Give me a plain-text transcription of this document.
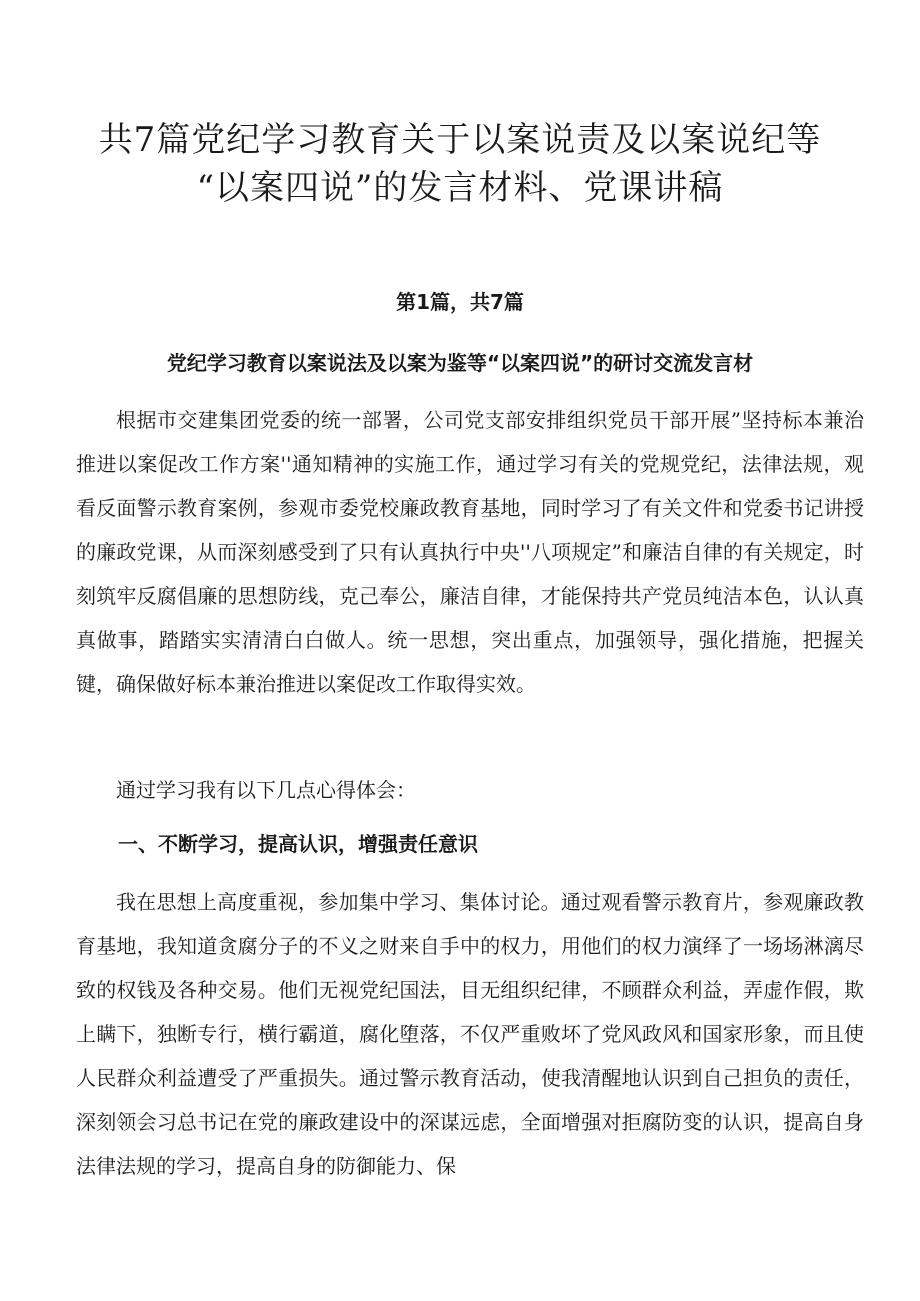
共7篇党纪学习教育关于以案说责及以案说纪等
“以案四说”的发言材料、党课讲稿

第1篇，共7篇

党纪学习教育以案说法及以案为鉴等“以案四说”的研讨交流发言材

根据市交建集团党委的统一部署，公司党支部安排组织党员干部开展”坚持标本兼治推进以案促改工作方案''通知精神的实施工作，通过学习有关的党规党纪，法律法规，观看反面警示教育案例，参观市委党校廉政教育基地，同时学习了有关文件和党委书记讲授的廉政党课，从而深刻感受到了只有认真执行中央''八项规定”和廉洁自律的有关规定，时刻筑牢反腐倡廉的思想防线，克己奉公，廉洁自律，才能保持共产党员纯洁本色，认认真真做事，踏踏实实清清白白做人。统一思想，突出重点，加强领导，强化措施，把握关键，确保做好标本兼治推进以案促改工作取得实效。

通过学习我有以下几点心得体会：

一、不断学习，提高认识，增强责任意识

我在思想上高度重视，参加集中学习、集体讨论。通过观看警示教育片，参观廉政教育基地，我知道贪腐分子的不义之财来自手中的权力，用他们的权力演绎了一场场淋漓尽致的权钱及各种交易。他们无视党纪国法，目无组织纪律，不顾群众利益，弄虚作假，欺上瞒下，独断专行，横行霸道，腐化堕落，不仅严重败坏了党风政风和国家形象，而且使人民群众利益遭受了严重损失。通过警示教育活动，使我清醒地认识到自己担负的责任，深刻领会习总书记在党的廉政建设中的深谋远虑，全面增强对拒腐防变的认识，提高自身法律法规的学习，提高自身的防御能力、保
